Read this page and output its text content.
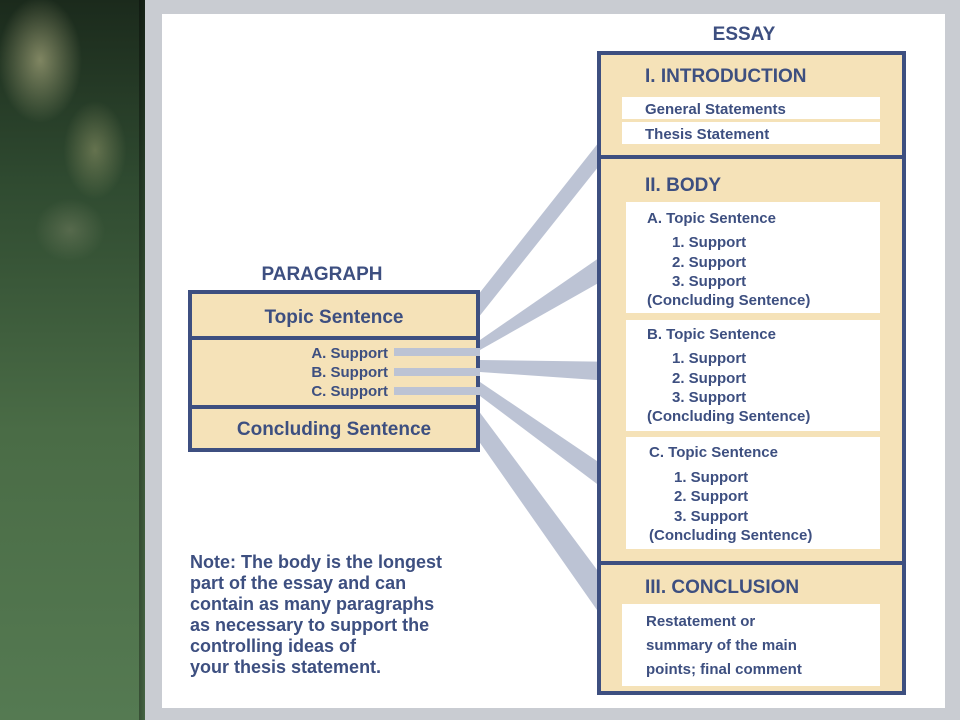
PARAGRAPH
Topic Sentence
A. Support
B. Support
C. Support
Concluding Sentence
ESSAY
I. INTRODUCTION
General Statements
Thesis Statement
II. BODY
A. Topic Sentence
1. Support
2. Support
3. Support
(Concluding Sentence)
B. Topic Sentence
1. Support
2. Support
3. Support
(Concluding Sentence)
C. Topic Sentence
1. Support
2. Support
3. Support
(Concluding Sentence)
III. CONCLUSION
Restatement or
summary of the main
points; final comment
Note: The body is the longest
part of the essay and can
contain as many paragraphs
as necessary to support the
controlling ideas of
your thesis statement.
